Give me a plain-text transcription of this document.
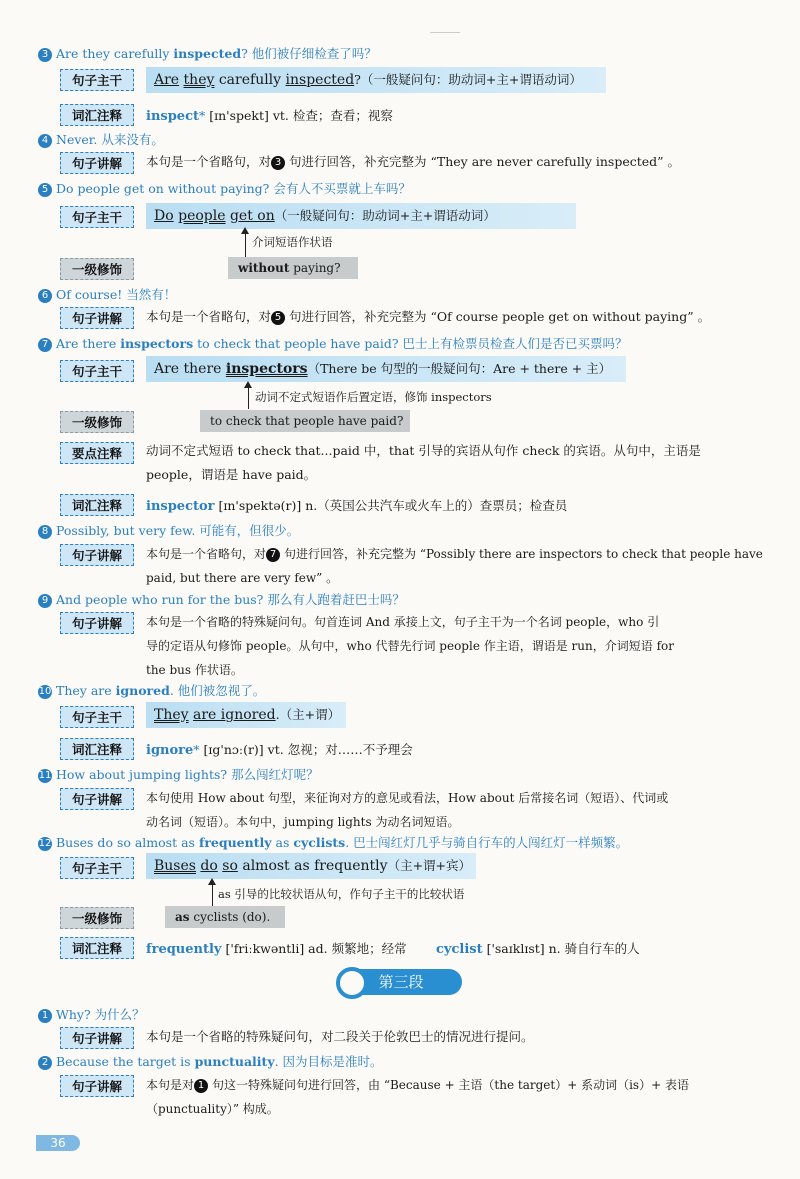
3 Are they carefully inspected? 他们被仔细检查了吗？
句子主干	Are they carefully inspected?（一般疑问句：助动词+主+谓语动词）
词汇注释	inspect* [ɪn'spekt] vt. 检查；查看；视察
4 Never. 从来没有。
句子讲解	本句是一个省略句，对 3 句进行回答，补充完整为 “They are never carefully inspected” 。
5 Do people get on without paying? 会有人不买票就上车吗？
句子主干	Do people get on（一般疑问句：助动词+主+谓语动词）
介词短语作状语
一级修饰	without paying?
6 Of course! 当然有！
句子讲解	本句是一个省略句，对 5 句进行回答，补充完整为 “Of course people get on without paying” 。
7 Are there inspectors to check that people have paid? 巴士上有检票员检查人们是否已买票吗？
句子主干	Are there inspectors（There be 句型的一般疑问句：Are + there + 主）
动词不定式短语作后置定语，修饰 inspectors
一级修饰	to check that people have paid?
要点注释	动词不定式短语 to check that...paid 中，that 引导的宾语从句作 check 的宾语。从句中，主语是
people，谓语是 have paid。
词汇注释	inspector [ɪn'spektə(r)] n.（英国公共汽车或火车上的）查票员；检查员
8 Possibly, but very few. 可能有，但很少。
句子讲解	本句是一个省略句，对 7 句进行回答，补充完整为 “Possibly there are inspectors to check that people have
paid, but there are very few” 。
9 And people who run for the bus? 那么有人跑着赶巴士吗？
句子讲解	本句是一个省略的特殊疑问句。句首连词 And 承接上文，句子主干为一个名词 people，who 引
导的定语从句修饰 people。从句中，who 代替先行词 people 作主语，谓语是 run，介词短语 for
the bus 作状语。
10 They are ignored. 他们被忽视了。
句子主干	They are ignored.（主+谓）
词汇注释	ignore* [ɪg'nɔː(r)] vt. 忽视；对……不予理会
11 How about jumping lights? 那么闯红灯呢？
句子讲解	本句使用 How about 句型，来征询对方的意见或看法，How about 后常接名词（短语）、代词或
动名词（短语）。本句中，jumping lights 为动名词短语。
12 Buses do so almost as frequently as cyclists. 巴士闯红灯几乎与骑自行车的人闯红灯一样频繁。
句子主干	Buses do so almost as frequently（主+谓+宾）
as 引导的比较状语从句，作句子主干的比较状语
一级修饰	as cyclists (do).
词汇注释	frequently ['friːkwəntli] ad. 频繁地；经常 cyclist ['saɪklɪst] n. 骑自行车的人
第三段
1 Why? 为什么？
句子讲解	本句是一个省略的特殊疑问句，对二段关于伦敦巴士的情况进行提问。
2 Because the target is punctuality. 因为目标是准时。
句子讲解	本句是对 1 句这一特殊疑问句进行回答，由 “Because + 主语（the target）+ 系动词（is）+ 表语
（punctuality）” 构成。
36
